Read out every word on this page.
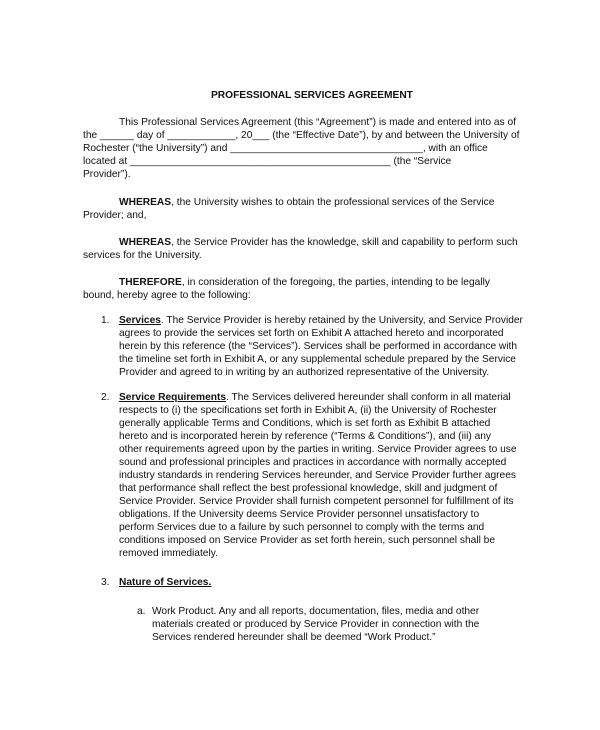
PROFESSIONAL SERVICES AGREEMENT
This Professional Services Agreement (this “Agreement”) is made and entered into as of
the ______ day of ____________, 20___ (the “Effective Date”), by and between the University of
Rochester (“the University”) and __________________________________, with an office
located at ______________________________________________ (the “Service
Provider”).
WHEREAS, the University wishes to obtain the professional services of the Service
Provider; and,
WHEREAS, the Service Provider has the knowledge, skill and capability to perform such
services for the University.
THEREFORE, in consideration of the foregoing, the parties, intending to be legally
bound, hereby agree to the following:
1. Services. The Service Provider is hereby retained by the University, and Service Provider
agrees to provide the services set forth on Exhibit A attached hereto and incorporated
herein by this reference (the “Services”). Services shall be performed in accordance with
the timeline set forth in Exhibit A, or any supplemental schedule prepared by the Service
Provider and agreed to in writing by an authorized representative of the University.
2. Service Requirements. The Services delivered hereunder shall conform in all material
respects to (i) the specifications set forth in Exhibit A, (ii) the University of Rochester
generally applicable Terms and Conditions, which is set forth as Exhibit B attached
hereto and is incorporated herein by reference (“Terms & Conditions”), and (iii) any
other requirements agreed upon by the parties in writing. Service Provider agrees to use
sound and professional principles and practices in accordance with normally accepted
industry standards in rendering Services hereunder, and Service Provider further agrees
that performance shall reflect the best professional knowledge, skill and judgment of
Service Provider. Service Provider shall furnish competent personnel for fulfillment of its
obligations. If the University deems Service Provider personnel unsatisfactory to
perform Services due to a failure by such personnel to comply with the terms and
conditions imposed on Service Provider as set forth herein, such personnel shall be
removed immediately.
3. Nature of Services.
a. Work Product. Any and all reports, documentation, files, media and other
materials created or produced by Service Provider in connection with the
Services rendered hereunder shall be deemed “Work Product.”
